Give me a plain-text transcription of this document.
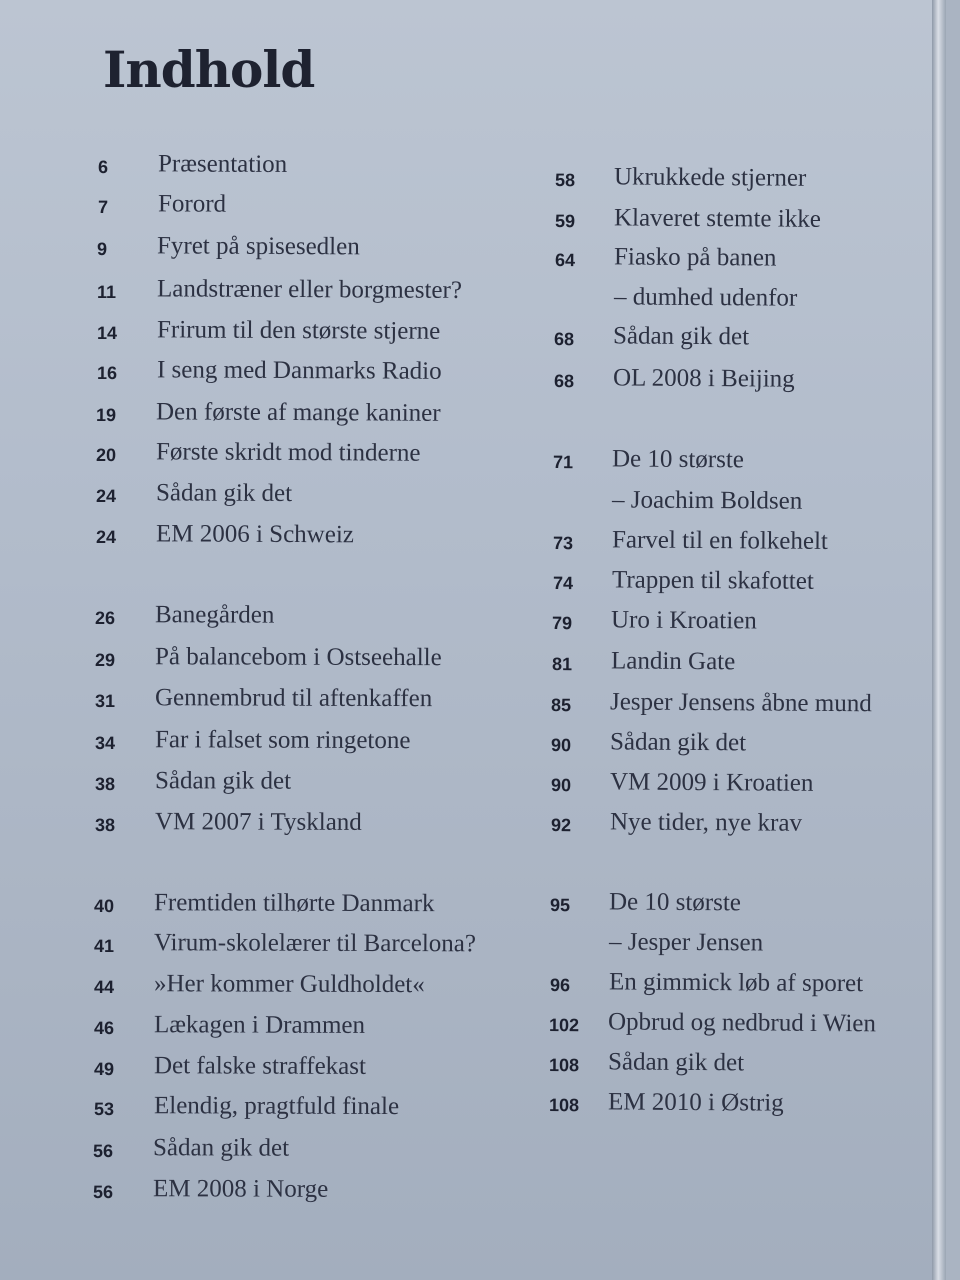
Indhold
6 Præsentation
7 Forord
9 Fyret på spisesedlen
11 Landstræner eller borgmester?
14 Frirum til den største stjerne
16 I seng med Danmarks Radio
19 Den første af mange kaniner
20 Første skridt mod tinderne
24 Sådan gik det
24 EM 2006 i Schweiz
26 Banegården
29 På balancebom i Ostseehalle
31 Gennembrud til aftenkaffen
34 Far i falset som ringetone
38 Sådan gik det
38 VM 2007 i Tyskland
40 Fremtiden tilhørte Danmark
41 Virum-skolelærer til Barcelona?
44 »Her kommer Guldholdet«
46 Lækagen i Drammen
49 Det falske straffekast
53 Elendig, pragtfuld finale
56 Sådan gik det
56 EM 2008 i Norge
58 Ukrukkede stjerner
59 Klaveret stemte ikke
64 Fiasko på banen
– dumhed udenfor
68 Sådan gik det
68 OL 2008 i Beijing
71 De 10 største
– Joachim Boldsen
73 Farvel til en folkehelt
74 Trappen til skafottet
79 Uro i Kroatien
81 Landin Gate
85 Jesper Jensens åbne mund
90 Sådan gik det
90 VM 2009 i Kroatien
92 Nye tider, nye krav
95 De 10 største
– Jesper Jensen
96 En gimmick løb af sporet
102 Opbrud og nedbrud i Wien
108 Sådan gik det
108 EM 2010 i Østrig
